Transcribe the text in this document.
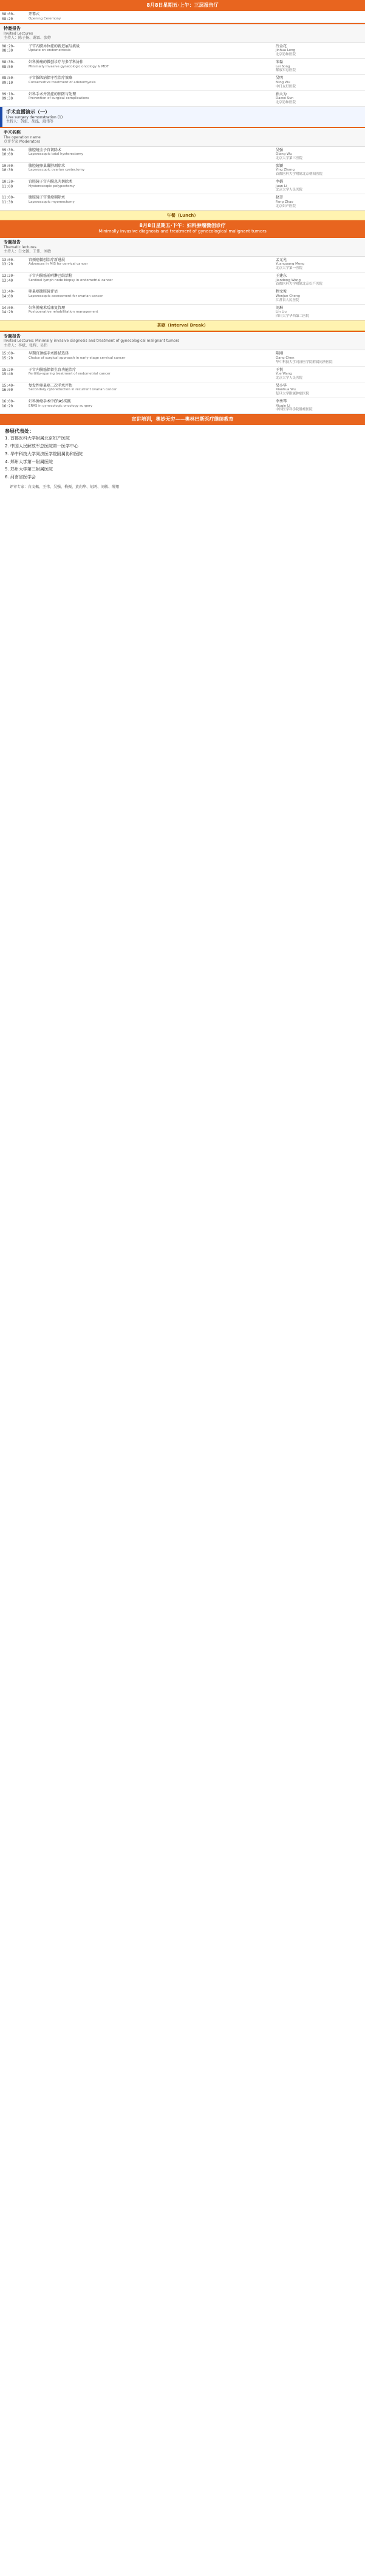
8月8日星期五·上午：三层报告厅
08:00-08:20
开幕式
Opening Ceremony
特邀报告
Invited Lectures
主持人：陈子扬、谢霖、张婷
08:20-08:30
子宫内膜异位症的新进展与挑战
Update on endometriosis
冷金花
Jinhua Leng
北京协和医院
08:30-08:50
妇科肿瘤的微创诊疗与多学科协作
Minimally invasive gynecologic oncology & MDT
宋磊
Lei Song
解放军总医院
08:50-09:10
子宫腺肌病保守性治疗策略
Conservative treatment of adenomyosis
吴明
Ming Wu
中日友好医院
09:10-09:30
妇科手术并发症的预防与处理
Prevention of surgical complications
孙大为
Dawei Sun
北京协和医院
手术直播演示（一）
Live surgery demonstration (1)
主持人：苏虹、胡泓、段伟等
手术名称
The operation name
点评专家 Moderators
09:30-10:00
腹腔镜全子宫切除术
Laparoscopic total hysterectomy
吴强
Qiang Wu
北京大学第三医院
10:00-10:30
腹腔镜卵巢囊肿剥除术
Laparoscopic ovarian cystectomy
张颖
Ying Zhang
首都医科大学附属北京朝阳医院
10:30-11:00
宫腔镜子宫内膜息肉切除术
Hysteroscopic polypectomy
李娟
Juan Li
北京大学人民医院
11:00-11:30
腹腔镜子宫肌瘤剔除术
Laparoscopic myomectomy
赵芳
Fang Zhao
北京妇产医院
午餐（Lunch）
8月8日星期五·下午：妇科肿瘤微创诊疗
Minimally invasive diagnosis and treatment of gynecological malignant tumors
专题报告
Thematic lectures
主持人：白文佩、王伟、刘敏
13:00-13:20
宫颈癌微创治疗新进展
Advances in MIS for cervical cancer
孟元光
Yuanguang Meng
北京大学第一医院
13:20-13:40
子宫内膜癌前哨淋巴结活检
Sentinel lymph node biopsy in endometrial cancer
王建东
Jiandong Wang
首都医科大学附属北京妇产医院
13:40-14:00
卵巢癌腹腔镜评估
Laparoscopic assessment for ovarian cancer
程文俊
Wenjun Cheng
江苏省人民医院
14:00-14:20
妇科肿瘤术后康复管理
Postoperative rehabilitation management
刘琳
Lin Liu
四川大学华西第二医院
茶歇（Interval Break）
专题报告
Invited Lectures: Minimally invasive diagnosis and treatment of gynecological malignant tumors
主持人：李斌、张辉、吴伟
15:00-15:20
早期宫颈癌手术路径选择
Choice of surgical approach in early-stage cervical cancer
陈刚
Gang Chen
华中科技大学同济医学院附属同济医院
15:20-15:40
子宫内膜癌保留生育功能治疗
Fertility-sparing treatment of endometrial cancer
王悦
Yue Wang
北京大学人民医院
15:40-16:00
复发性卵巢癌二次手术评估
Secondary cytoreduction in recurrent ovarian cancer
吴小华
Xiaohua Wu
复旦大学附属肿瘤医院
16:00-16:20
妇科肿瘤手术中ERAS实践
ERAS in gynecologic oncology surgery
李秀琴
Xiuqin Li
中国医学科学院肿瘤医院
宣讲培训，奥妙无穷——奥林巴斯医疗继续教育
参展代表处：
1. 首都医科大学附属北京妇产医院
2. 中国人民解放军总医院第一医学中心
3. 华中科技大学同济医学院附属协和医院
4. 郑州大学第一附属医院
5. 郑州大学第三附属医院
6. 河南省医学会
评审专家：白文佩、王伟、吴强、梅振、黄向华、胡鸿、刘敏、薛翔
